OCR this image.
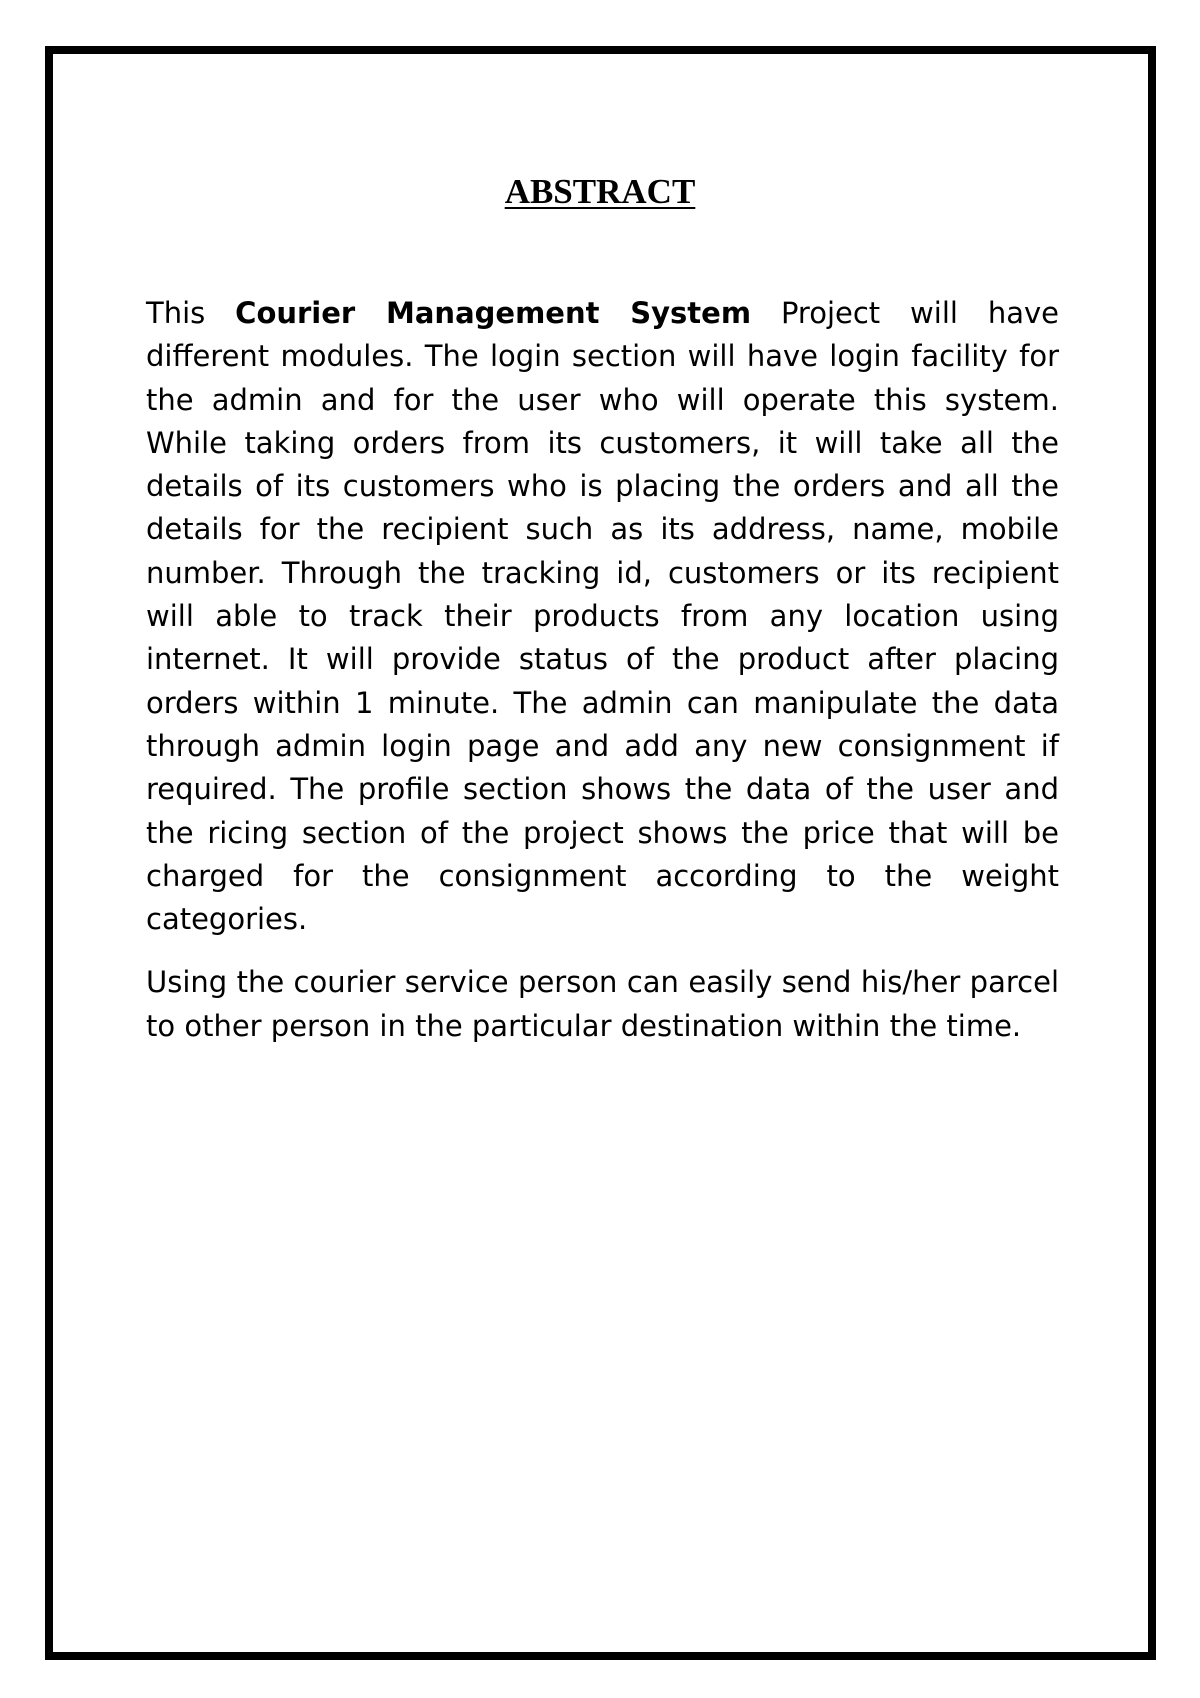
ABSTRACT

This Courier Management System Project will have different modules. The login section will have login facility for the admin and for the user who will operate this system. While taking orders from its customers, it will take all the details of its customers who is placing the orders and all the details for the recipient such as its address, name, mobile number. Through the tracking id, customers or its recipient will able to track their products from any location using internet. It will provide status of the product after placing orders within 1 minute. The admin can manipulate the data through admin login page and add any new consignment if required. The profile section shows the data of the user and the ricing section of the project shows the price that will be charged for the consignment according to the weight categories.

Using the courier service person can easily send his/her parcel to other person in the particular destination within the time.
